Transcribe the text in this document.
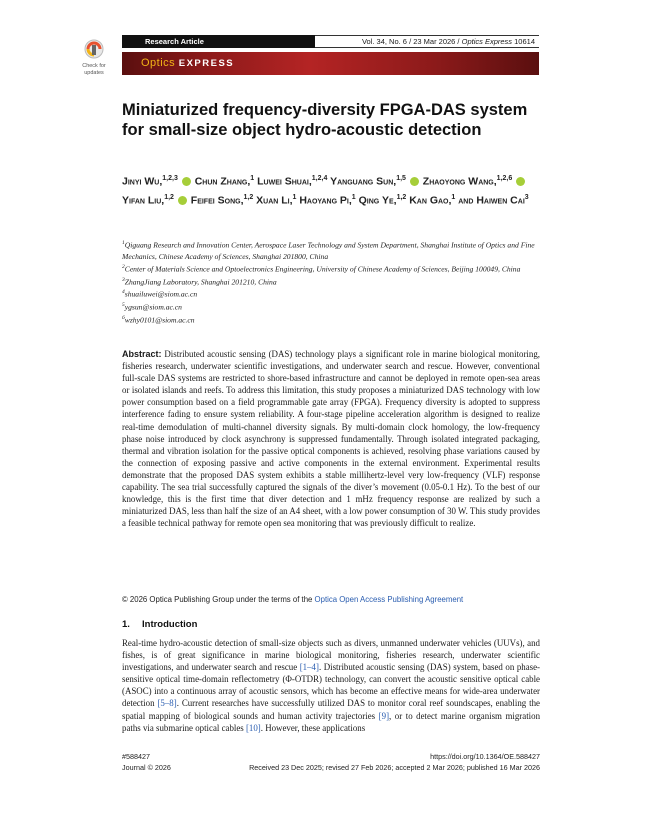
Check for
updates
Research Article	Vol. 34, No. 6 / 23 Mar 2026 / Optics Express 10614
Optics EXPRESS
Miniaturized frequency-diversity FPGA-DAS system for small-size object hydro-acoustic detection
Jinyi Wu,$^{1,2,3}$ Chun Zhang,$^1$ Luwei Shuai,$^{1,2,4}$ Yanguang Sun,$^{1,5}$ Zhaoyong Wang,$^{1,2,6}$  Yifan Liu,$^{1,2}$ Feifei Song,$^{1,2}$ Xuan Li,$^1$ Haoyang Pi,$^1$ Qing Ye,$^{1,2}$ Kan Gao,$^1$ and Haiwen Cai$^3$
$^1$Qiguang Research and Innovation Center, Aerospace Laser Technology and System Department, Shanghai Institute of Optics and Fine Mechanics, Chinese Academy of Sciences, Shanghai 201800, China
$^2$Center of Materials Science and Optoelectronics Engineering, University of Chinese Academy of Sciences, Beijing 100049, China
$^3$ZhangJiang Laboratory, Shanghai 201210, China
$^4$shuailuwei@siom.ac.cn
$^5$ygsun@siom.ac.cn
$^6$wzhy0101@siom.ac.cn
Abstract: Distributed acoustic sensing (DAS) technology plays a significant role in marine biological monitoring, fisheries research, underwater scientific investigations, and underwater search and rescue. However, conventional full-scale DAS systems are restricted to shore-based infrastructure and cannot be deployed in remote open-sea areas or isolated islands and reefs. To address this limitation, this study proposes a miniaturized DAS technology with low power consumption based on a field programmable gate array (FPGA). Frequency diversity is adopted to suppress interference fading to ensure system reliability. A four-stage pipeline acceleration algorithm is designed to realize real-time demodulation of multi-channel diversity signals. By multi-domain clock homology, the low-frequency phase noise introduced by clock asynchrony is suppressed fundamentally. Through isolated integrated packaging, thermal and vibration isolation for the passive optical components is achieved, resolving phase variations caused by the connection of exposing passive and active components in the external environment. Experimental results demonstrate that the proposed DAS system exhibits a stable millihertz-level very low-frequency (VLF) response capability. The sea trial successfully captured the signals of the diver’s movement (0.05-0.1 Hz). To the best of our knowledge, this is the first time that diver detection and 1 mHz frequency response are realized by such a miniaturized DAS, less than half the size of an A4 sheet, with a low power consumption of 30 W. This study provides a feasible technical pathway for remote open sea monitoring that was previously difficult to realize.
© 2026 Optica Publishing Group under the terms of the Optica Open Access Publishing Agreement
1. Introduction
Real-time hydro-acoustic detection of small-size objects such as divers, unmanned underwater vehicles (UUVs), and fishes, is of great significance in marine biological monitoring, fisheries research, underwater scientific investigations, and underwater search and rescue [1–4]. Distributed acoustic sensing (DAS) system, based on phase-sensitive optical time-domain reflectometry (Φ-OTDR) technology, can convert the acoustic sensitive optical cable (ASOC) into a continuous array of acoustic sensors, which has become an effective means for wide-area underwater detection [5–8]. Current researches have successfully utilized DAS to monitor coral reef soundscapes, enabling the spatial mapping of biological sounds and human activity trajectories [9], or to detect marine organism migration paths via submarine optical cables [10]. However, these applications
#588427	https://doi.org/10.1364/OE.588427
Journal © 2026	Received 23 Dec 2025; revised 27 Feb 2026; accepted 2 Mar 2026; published 16 Mar 2026
